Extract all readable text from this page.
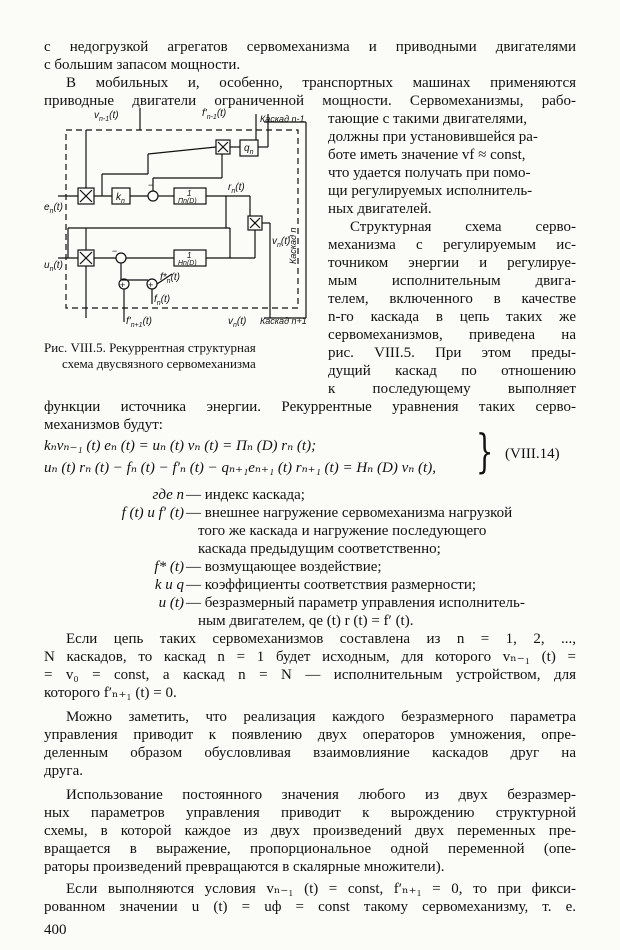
с недогрузкой агрегатов сервомеханизма и приводными двигателями
с большим запасом мощности.
В мобильных и, особенно, транспортных машинах применяются
приводные двигатели ограниченной мощности. Сервомеханизмы, рабо-
тающие с такими двигателями,
должны при установившейся ра-
боте иметь значение vf ≈ const,
что удается получать при помо-
щи регулируемых исполнитель-
ных двигателей.
Структурная схема серво-
механизма с регулируемым ис-
точником энергии и регулируе-
мым исполнительным двига-
телем, включенного в качестве
n-го каскада в цепь таких же
сервомеханизмов, приведена на
рис. VIII.5. При этом преды-
дущий каскад по отношению
к последующему выполняет
$v_{n-1}(t)$	$f'_{n-1}(t)$	Каскад n-1
$q_n$
$k_n$
1
Пn(D)
1
Hn(D)
$r_n(t)$
$e_n(t)$
$u_n(t)$
$v_n(t)$
Каскад n
$f*_n(t)$
$f_n(t)$
$f'_{n+1}(t)$	$v_n(t)$ Каскад n+1
−
−
+	+
Рис. VIII.5. Рекуррентная структурная
схема двусвязного сервомеханизма
функции источника энергии. Рекуррентные уравнения таких серво-
механизмов будут:
kₙvₙ₋₁ (t) eₙ (t) = uₙ (t) vₙ (t) = Пₙ (D) rₙ (t);
uₙ (t) rₙ (t) − fₙ (t) − f′ₙ (t) − qₙ₊₁eₙ₊₁ (t) rₙ₊₁ (t) = Hₙ (D) vₙ (t), } (VIII.14)
где n — индекс каскада;
f (t) и f′ (t) — внешнее нагружение сервомеханизма нагрузкой
того же каскада и нагружение последующего
каскада предыдущим соответственно;
f* (t) — возмущающее воздействие;
k и q — коэффициенты соответствия размерности;
u (t) — безразмерный параметр управления исполнитель-
ным двигателем, qe (t) r (t) = f′ (t).
Если цепь таких сервомеханизмов составлена из n = 1, 2, ...,
N каскадов, то каскад n = 1 будет исходным, для которого vₙ₋₁ (t) =
= v₀ = const, а каскад n = N — исполнительным устройством, для
которого f′ₙ₊₁ (t) = 0.
Можно заметить, что реализация каждого безразмерного параметра
управления приводит к появлению двух операторов умножения, опре-
деленным образом обусловливая взаимовлияние каскадов друг на
друга.
Использование постоянного значения любого из двух безразмер-
ных параметров управления приводит к вырождению структурной
схемы, в которой каждое из двух произведений двух переменных пре-
вращается в выражение, пропорциональное одной переменной (опе-
раторы произведений превращаются в скалярные множители).
Если выполняются условия vₙ₋₁ (t) = const, f′ₙ₊₁ = 0, то при фикси-
рованном значении u (t) = uф = const такому сервомеханизму, т. е.
400
